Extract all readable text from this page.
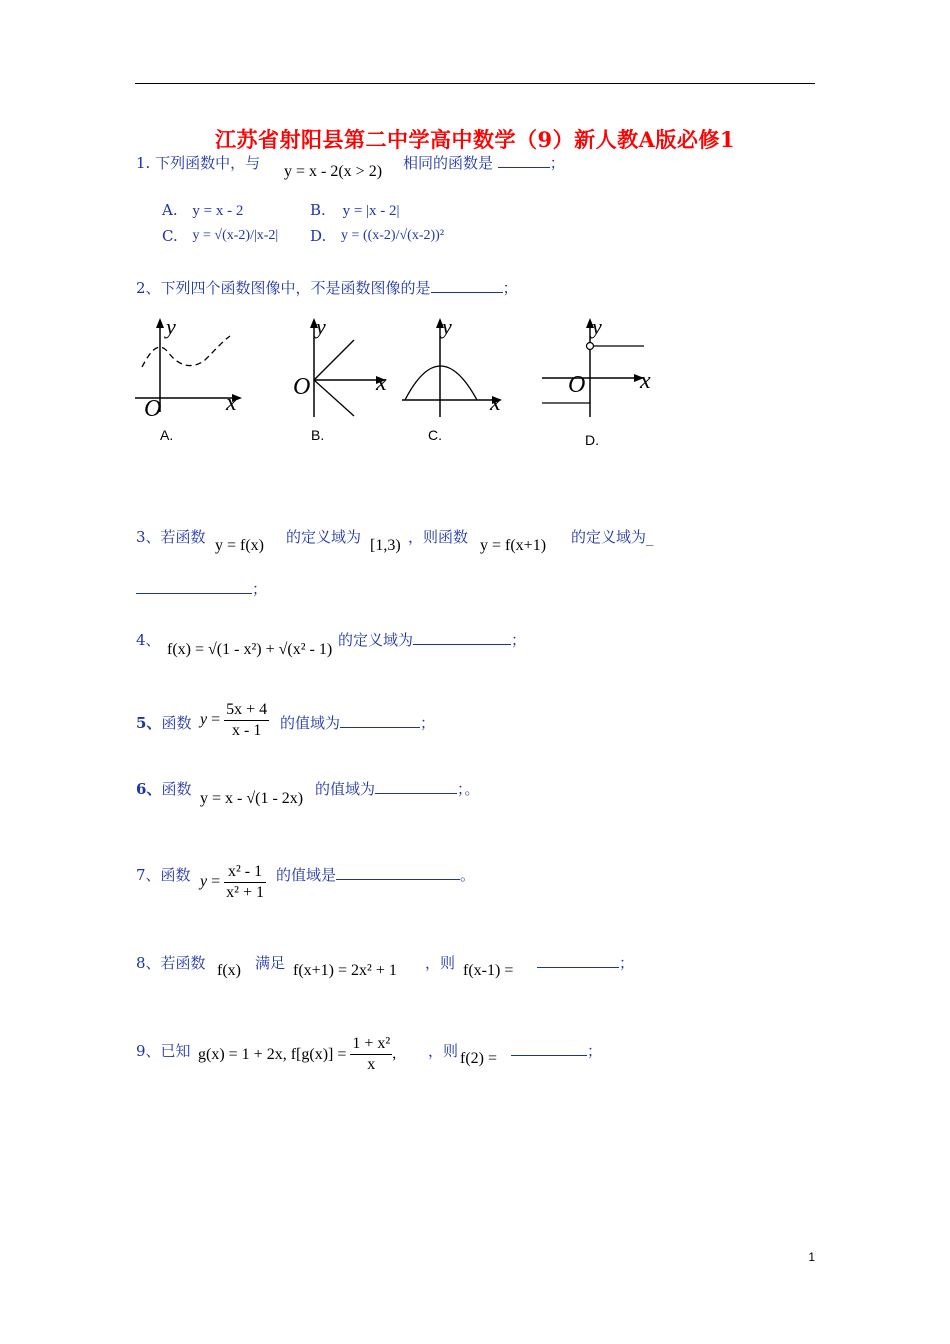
江苏省射阳县第二中学高中数学（9）新人教A版必修1
1. 下列函数中，与 y = x - 2(x > 2) 相同的函数是	；
A. y = x - 2	B. y = |x - 2|
C. y = √(x-2)/|x-2| D. y = ((x-2)/√(x-2))²
2、下列四个函数图像中，不是函数图像的是	；
y
x
O
A.
y
x
O
B.
y
x
C.
y
x
O
D.
3、若函数 y = f(x) 的定义域为 [1,3) ，则函数 y = f(x+1) 的定义域为_
；
4、
f(x) = √(1 - x²) + √(x² - 1)
的定义域为	；
5、函数 $y = \frac{5x + 4}{x - 1}$ 的值域为	；
6、函数
y = x - √(1 - 2x)
的值域为	；。
7、函数 $y = \frac{\text{x² - 1}}{\text{x² + 1}}$ 的值域是	。
8、若函数 f(x) 满足 f(x+1) = 2x² + 1 ，则 f(x-1) =	；
9、已知 g(x) = 1 + 2x, $f[g(x)] = \frac{\text{1 + x²}}{x}$ , ，则 f(2) =	；
1
